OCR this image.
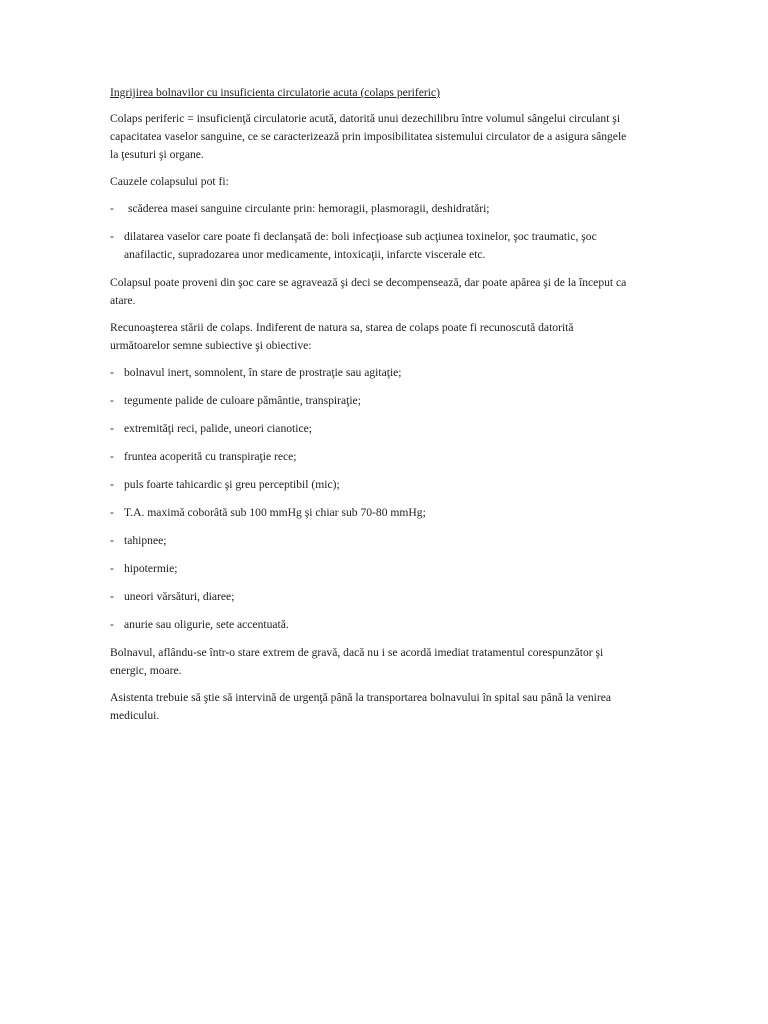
Ingrijirea bolnavilor cu insuficienta circulatorie acuta (colaps periferic)

Colaps periferic = insuficienţă circulatorie acută, datorită unui dezechilibru între volumul sângelui circulant şi capacitatea vaselor sanguine, ce se caracterizează prin imposibilitatea sistemului circulator de a asigura sângele la ţesuturi şi organe.

Cauzele colapsului pot fi:

-	scăderea masei sanguine circulante prin: hemoragii, plasmoragii, deshidratări;
- dilatarea vaselor care poate fi declanşată de: boli infecţioase sub acţiunea toxinelor, şoc traumatic, şoc anafilactic, supradozarea unor medicamente, intoxicaţii, infarcte viscerale etc.

Colapsul poate proveni din şoc care se agravează şi deci se decompensează, dar poate apărea şi de la început ca atare.

Recunoaşterea stării de colaps. Indiferent de natura sa, starea de colaps poate fi recunoscută datorită următoarelor semne subiective şi obiective:

- bolnavul inert, somnolent, în stare de prostraţie sau agitaţie;
- tegumente palide de culoare pământie, transpiraţie;
- extremităţi reci, palide, uneori cianotice;
- fruntea acoperită cu transpiraţie rece;
- puls foarte tahicardic şi greu perceptibil (mic);
- T.A. maximă coborâtă sub 100 mmHg şi chiar sub 70-80 mmHg;
- tahipnee;
- hipotermie;
- uneori vărsături, diaree;
- anurie sau oligurie, sete accentuată.

Bolnavul, aflându-se într-o stare extrem de gravă, dacă nu i se acordă imediat tratamentul corespunzător şi energic, moare.

Asistenta trebuie să ştie să intervină de urgenţă până la transportarea bolnavului în spital sau până la venirea medicului.
